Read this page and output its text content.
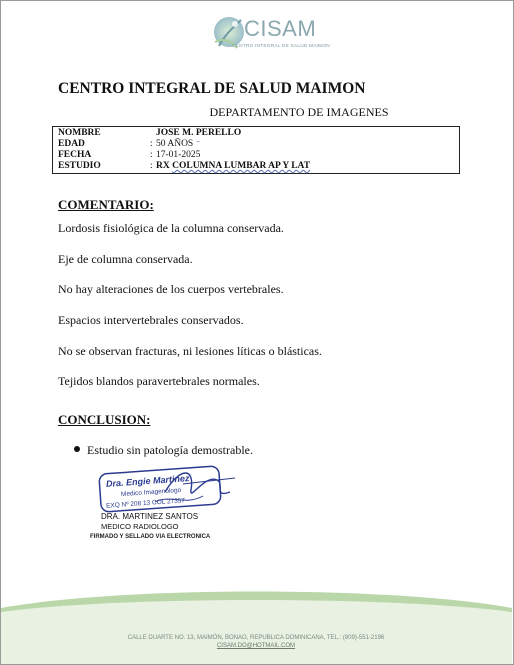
CISAM
CENTRO INTEGRAL DE SALUD MAIMON
CENTRO INTEGRAL DE SALUD MAIMON
DEPARTAMENTO DE IMAGENES
NOMBRE	JOSE M. PERELLO
⌣
EDAD	: 50 AÑOS
FECHA	: 17-01-2025
ESTUDIO	: RX COLUMNA LUMBAR AP Y LAT
COMENTARIO:

Lordosis fisiológica de la columna conservada.

Eje de columna conservada.

No hay alteraciones de los cuerpos vertebrales.

Espacios intervertebrales conservados.

No se observan fracturas, ni lesiones líticas o blásticas.

Tejidos blandos paravertebrales normales.

CONCLUSION:
Estudio sin patología demostrable.
Dra. Engie Martinez
Medico Imagenologo
EXQ Nº 208 13 COL 27357
DRA. MARTINEZ SANTOS
MEDICO RADIOLOGO
FIRMADO Y SELLADO VIA ELECTRONICA
CALLE DUARTE NO. 13, MAIMÓN, BONAO, REPUBLICA DOMINICANA, TEL.: (809)-551-2196
CISAM.DO@HOTMAIL.COM
